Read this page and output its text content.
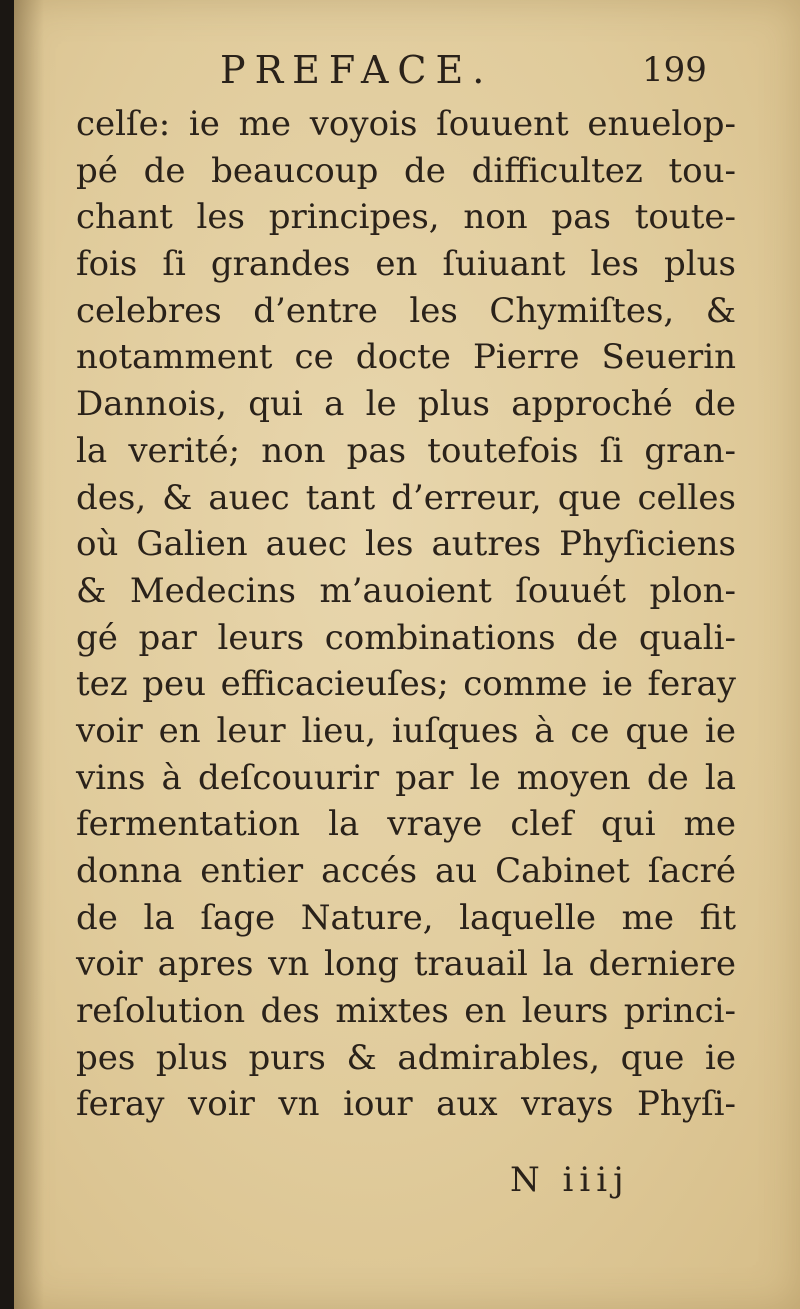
PREFACE.	199
celſe: ie me voyois ſouuent enuelop-
pé de beaucoup de difficultez tou-
chant les principes, non pas toute-
fois ſi grandes en ſuiuant les plus
celebres d’entre les Chymiſtes, &
notamment ce docte Pierre Seuerin
Dannois, qui a le plus approché de
la verité; non pas toutefois ſi gran-
des, & auec tant d’erreur, que celles
où Galien auec les autres Phyſiciens
& Medecins m’auoient ſouuét plon-
gé par leurs combinations de quali-
tez peu efficacieuſes; comme ie feray
voir en leur lieu, iuſques à ce que ie
vins à deſcouurir par le moyen de la
fermentation la vraye clef qui me
donna entier accés au Cabinet ſacré
de la ſage Nature, laquelle me fit
voir apres vn long trauail la derniere
reſolution des mixtes en leurs princi-
pes plus purs & admirables, que ie
feray voir vn iour aux vrays Phyſi-
N iiij
